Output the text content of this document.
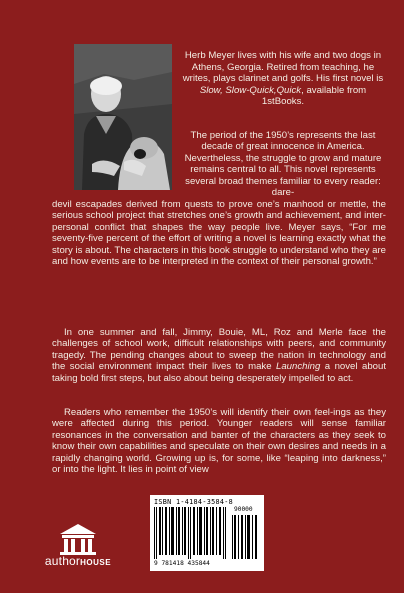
Herb Meyer lives with his wife and two dogs in Athens, Georgia. Retired from teaching, he writes, plays clarinet and golfs. His first novel is Slow, Slow-Quick,Quick, available from 1stBooks.

The period of the 1950’s represents the last decade of great innocence in America. Nevertheless, the struggle to grow and mature remains central to all. This novel represents several broad themes familiar to every reader: dare-

devil escapades derived from quests to prove one’s manhood or mettle, the serious school project that stretches one’s growth and achievement, and inter-personal conflict that shapes the way people live. Meyer says, “For me seventy-five percent of the effort of writing a novel is learning exactly what the story is about. The characters in this book struggle to understand who they are and how events are to be interpreted in the context of their personal growth.”

In one summer and fall, Jimmy, Bouie, ML, Roz and Merle face the challenges of school work, difficult relationships with peers, and community tragedy. The pending changes about to sweep the nation in technology and the social environment impact their lives to make Launching a novel about taking bold first steps, but also about being desperately impelled to act.

Readers who remember the 1950’s will identify their own feel-ings as they were affected during this period. Younger readers will sense familiar resonances in the conversation and banter of the characters as they seek to know their own capabilities and speculate on their own desires and needs in a rapidly changing world. Growing up is, for some, like “leaping into darkness,” or into the light. It lies in point of view

authorHOUSE
ISBN 1-4184-3584-8
90000
9 781418 435844
